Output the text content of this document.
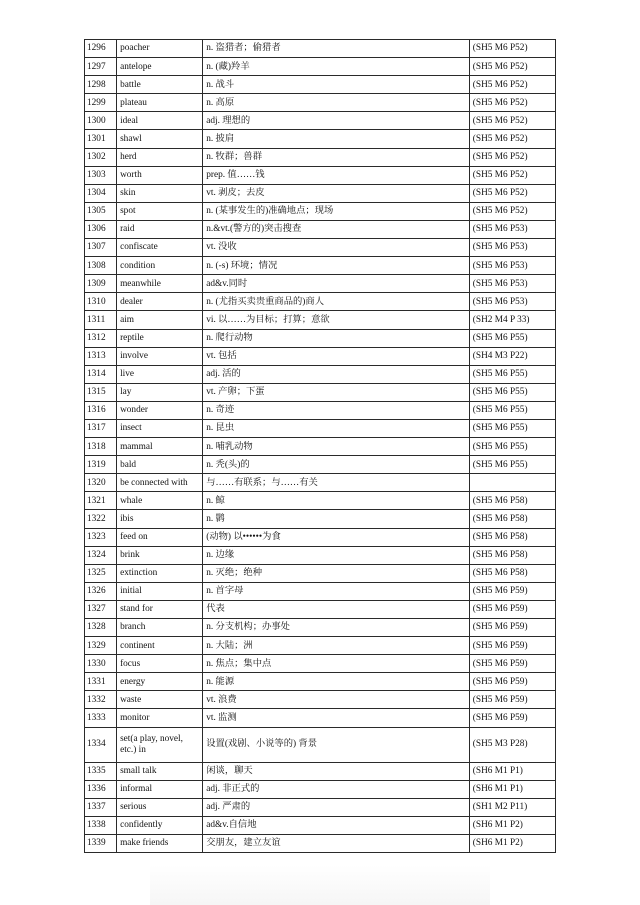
1296	poacher	n. 盗猎者；偷猎者	(SH5 M6 P52)
1297	antelope	n. (藏)羚羊	(SH5 M6 P52)
1298	battle	n. 战斗	(SH5 M6 P52)
1299	plateau	n. 高原	(SH5 M6 P52)
1300	ideal	adj. 理想的	(SH5 M6 P52)
1301	shawl	n. 披肩	(SH5 M6 P52)
1302	herd	n. 牧群；兽群	(SH5 M6 P52)
1303	worth	prep. 值……钱	(SH5 M6 P52)
1304	skin	vt. 剥皮；去皮	(SH5 M6 P52)
1305	spot	n. (某事发生的)准确地点；现场	(SH5 M6 P52)
1306	raid	n.&vt.(警方的)突击搜查	(SH5 M6 P53)
1307	confiscate	vt. 没收	(SH5 M6 P53)
1308	condition	n. (-s) 环境；情况	(SH5 M6 P53)
1309	meanwhile	ad&v.同时	(SH5 M6 P53)
1310	dealer	n. (尤指买卖贵重商品的)商人	(SH5 M6 P53)
1311	aim	vi. 以……为目标；打算；意欲	(SH2 M4 P 33)
1312	reptile	n. 爬行动物	(SH5 M6 P55)
1313	involve	vt. 包括	(SH4 M3 P22)
1314	live	adj. 活的	(SH5 M6 P55)
1315	lay	vt. 产卵；下蛋	(SH5 M6 P55)
1316	wonder	n. 奇迹	(SH5 M6 P55)
1317	insect	n. 昆虫	(SH5 M6 P55)
1318	mammal	n. 哺乳动物	(SH5 M6 P55)
1319	bald	n. 秃(头)的	(SH5 M6 P55)
1320	be connected with	与……有联系；与……有关	
1321	whale	n. 鲸	(SH5 M6 P58)
1322	ibis	n. 鹮	(SH5 M6 P58)
1323	feed on	(动物) 以••••••为食	(SH5 M6 P58)
1324	brink	n. 边缘	(SH5 M6 P58)
1325	extinction	n. 灭绝；绝种	(SH5 M6 P58)
1326	initial	n. 首字母	(SH5 M6 P59)
1327	stand for	代表	(SH5 M6 P59)
1328	branch	n. 分支机构；办事处	(SH5 M6 P59)
1329	continent	n. 大陆；洲	(SH5 M6 P59)
1330	focus	n. 焦点；集中点	(SH5 M6 P59)
1331	energy	n. 能源	(SH5 M6 P59)
1332	waste	vt. 浪费	(SH5 M6 P59)
1333	monitor	vt. 监测	(SH5 M6 P59)
1334	set(a play, novel, etc.) in	设置(戏剧、小说等的) 背景	(SH5 M3 P28)
1335	small talk	闲谈，聊天	(SH6 M1 P1)
1336	informal	adj. 非正式的	(SH6 M1 P1)
1337	serious	adj. 严肃的	(SH1 M2 P11)
1338	confidently	ad&v.自信地	(SH6 M1 P2)
1339	make friends	交朋友，建立友谊	(SH6 M1 P2)
